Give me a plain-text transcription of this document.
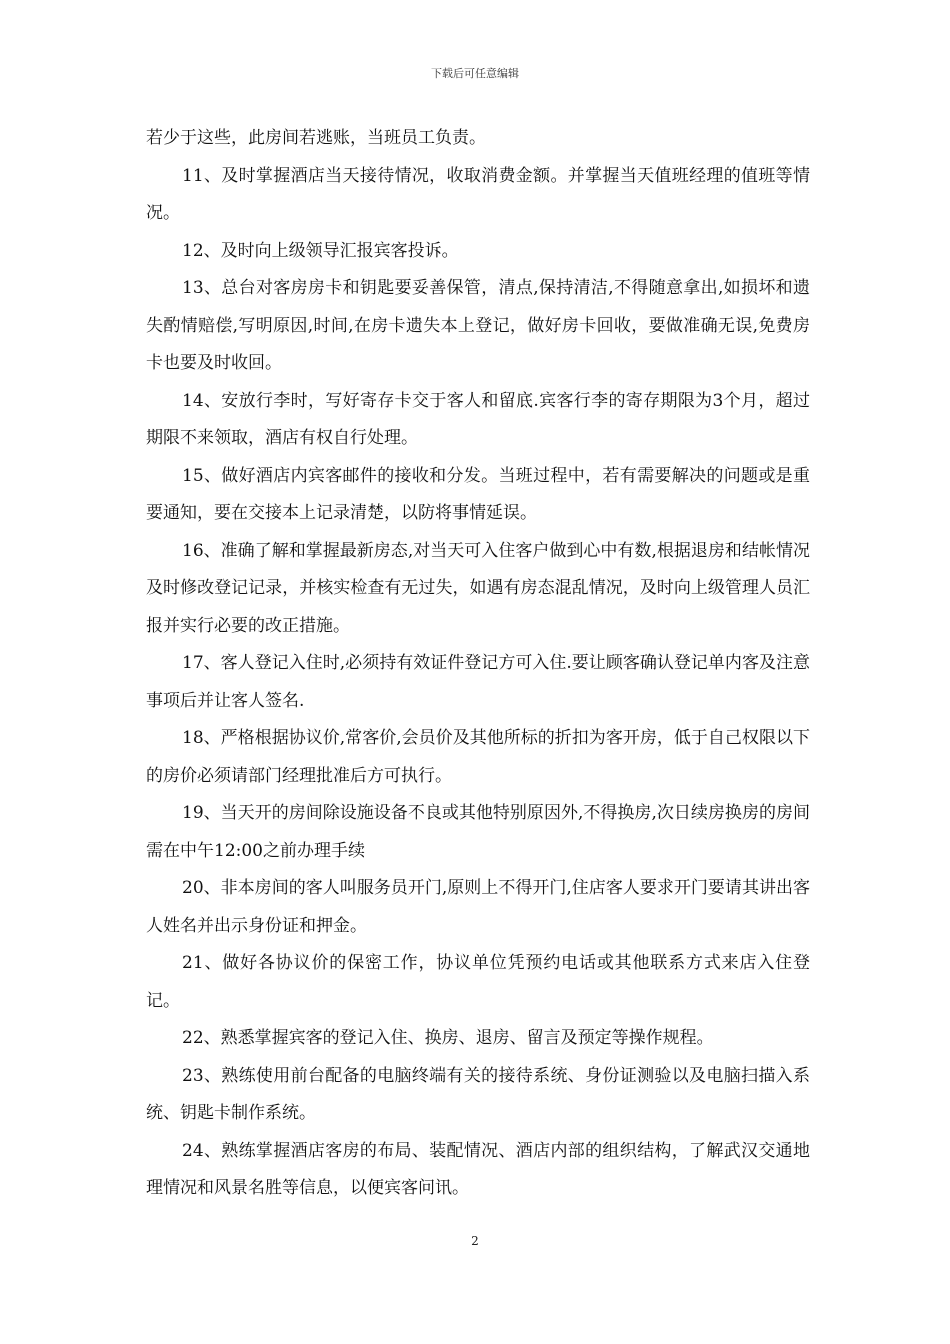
下载后可任意编辑

若少于这些，此房间若逃账，当班员工负责。

11、及时掌握酒店当天接待情况，收取消费金额。并掌握当天值班经理的值班等情况。

12、及时向上级领导汇报宾客投诉。

13、总台对客房房卡和钥匙要妥善保管，清点,保持清洁,不得随意拿出,如损坏和遗失酌情赔偿,写明原因,时间,在房卡遗失本上登记，做好房卡回收，要做准确无误,免费房卡也要及时收回。

14、安放行李时，写好寄存卡交于客人和留底.宾客行李的寄存期限为3个月，超过期限不来领取，酒店有权自行处理。

15、做好酒店内宾客邮件的接收和分发。当班过程中，若有需要解决的问题或是重要通知，要在交接本上记录清楚，以防将事情延误。

16、准确了解和掌握最新房态,对当天可入住客户做到心中有数,根据退房和结帐情况及时修改登记记录，并核实检查有无过失，如遇有房态混乱情况，及时向上级管理人员汇报并实行必要的改正措施。

17、客人登记入住时,必须持有效证件登记方可入住.要让顾客确认登记单内客及注意事项后并让客人签名.

18、严格根据协议价,常客价,会员价及其他所标的折扣为客开房，低于自己权限以下的房价必须请部门经理批准后方可执行。

19、当天开的房间除设施设备不良或其他特别原因外,不得换房,次日续房换房的房间需在中午12:00之前办理手续

20、非本房间的客人叫服务员开门,原则上不得开门,住店客人要求开门要请其讲出客人姓名并出示身份证和押金。

21、做好各协议价的保密工作，协议单位凭预约电话或其他联系方式来店入住登记。

22、熟悉掌握宾客的登记入住、换房、退房、留言及预定等操作规程。

23、熟练使用前台配备的电脑终端有关的接待系统、身份证测验以及电脑扫描入系统、钥匙卡制作系统。

24、熟练掌握酒店客房的布局、装配情况、酒店内部的组织结构，了解武汉交通地理情况和风景名胜等信息，以便宾客问讯。

2
